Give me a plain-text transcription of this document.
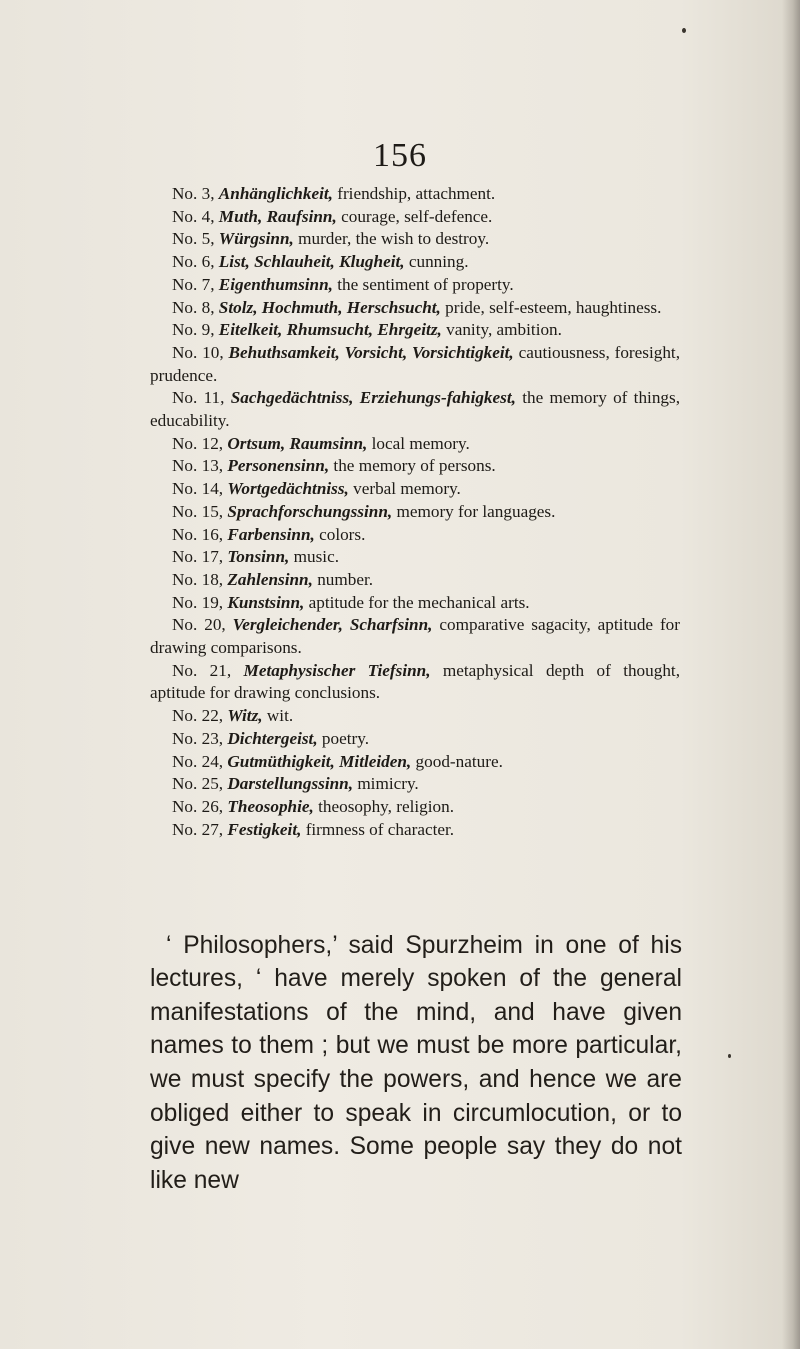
156
No. 3, Anhänglichkeit, friendship, attachment.
No. 4, Muth, Raufsinn, courage, self-defence.
No. 5, Würgsinn, murder, the wish to destroy.
No. 6, List, Schlauheit, Klugheit, cunning.
No. 7, Eigenthumsinn, the sentiment of property.
No. 8, Stolz, Hochmuth, Herschsucht, pride, self-esteem, haughtiness.
No. 9, Eitelkeit, Rhumsucht, Ehrgeitz, vanity, ambition.
No. 10, Behuthsamkeit, Vorsicht, Vorsichtigkeit, cautiousness, foresight, prudence.
No. 11, Sachgedächtniss, Erziehungs-fahigkest, the memory of things, educability.
No. 12, Ortsum, Raumsinn, local memory.
No. 13, Personensinn, the memory of persons.
No. 14, Wortgedächtniss, verbal memory.
No. 15, Sprachforschungssinn, memory for languages.
No. 16, Farbensinn, colors.
No. 17, Tonsinn, music.
No. 18, Zahlensinn, number.
No. 19, Kunstsinn, aptitude for the mechanical arts.
No. 20, Vergleichender, Scharfsinn, comparative sagacity, aptitude for drawing comparisons.
No. 21, Metaphysischer Tiefsinn, metaphysical depth of thought, aptitude for drawing conclusions.
No. 22, Witz, wit.
No. 23, Dichtergeist, poetry.
No. 24, Gutmüthigkeit, Mitleiden, good-nature.
No. 25, Darstellungssinn, mimicry.
No. 26, Theosophie, theosophy, religion.
No. 27, Festigkeit, firmness of character.

‘ Philosophers,’ said Spurzheim in one of his lectures, ‘ have merely spoken of the general manifestations of the mind, and have given names to them ; but we must be more particular, we must specify the powers, and hence we are obliged either to speak in circumlocution, or to give new names. Some people say they do not like new
